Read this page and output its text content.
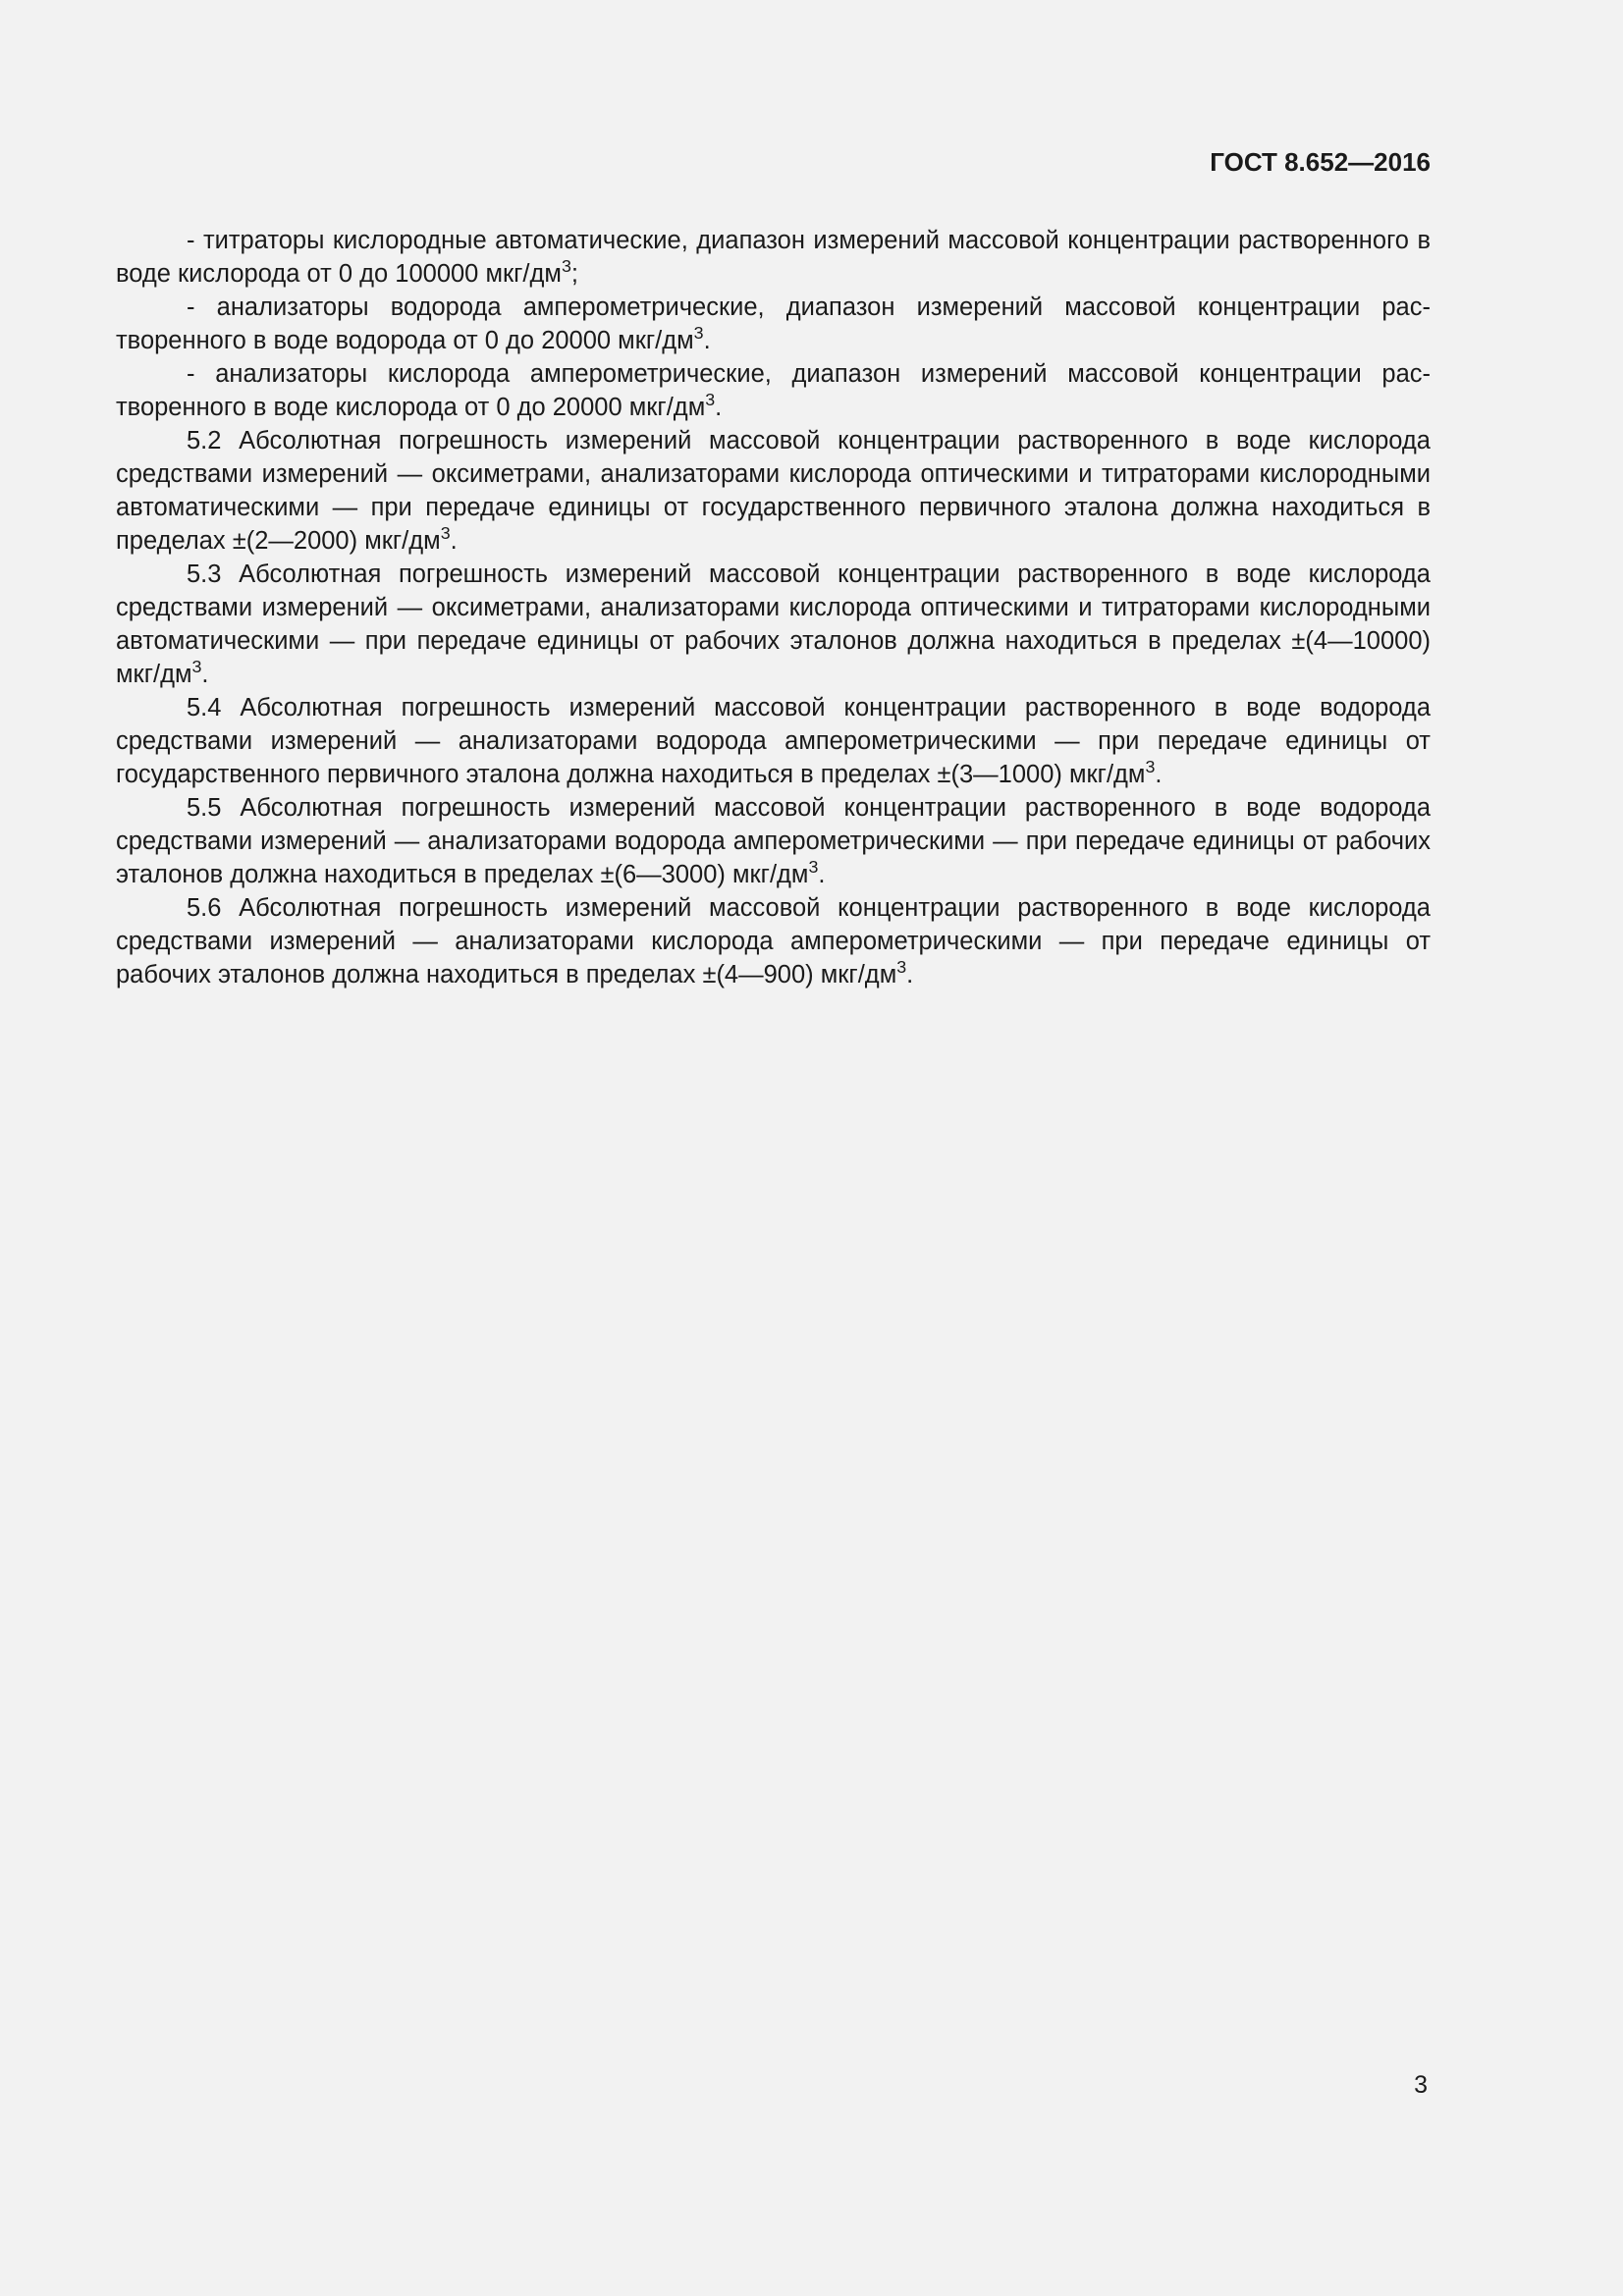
ГОСТ 8.652—2016

- титраторы кислородные автоматические, диапазон измерений массовой концентрации растворенного в воде кислорода от 0 до 100000 мкг/$дм^3$;

- анализаторы водорода амперометрические, диапазон измерений массовой концентрации растворенного в воде водорода от 0 до 20000 мкг/$дм^3$.

- анализаторы кислорода амперометрические, диапазон измерений массовой концентрации растворенного в воде кислорода от 0 до 20000 мкг/$дм^3$.

5.2 Абсолютная погрешность измерений массовой концентрации растворенного в воде кислорода средствами измерений — оксиметрами, анализаторами кислорода оптическими и титраторами кислородными автоматическими — при передаче единицы от государственного первичного эталона должна находиться в пределах ±(2—2000) мкг/$дм^3$.

5.3 Абсолютная погрешность измерений массовой концентрации растворенного в воде кислорода средствами измерений — оксиметрами, анализаторами кислорода оптическими и титраторами кислородными автоматическими — при передаче единицы от рабочих эталонов должна находиться в пределах ±(4—10000) мкг/$дм^3$.

5.4 Абсолютная погрешность измерений массовой концентрации растворенного в воде водорода средствами измерений — анализаторами водорода амперометрическими — при передаче единицы от государственного первичного эталона должна находиться в пределах ±(3—1000) мкг/$дм^3$.

5.5 Абсолютная погрешность измерений массовой концентрации растворенного в воде водорода средствами измерений — анализаторами водорода амперометрическими — при передаче единицы от рабочих эталонов должна находиться в пределах ±(6—3000) мкг/$дм^3$.

5.6 Абсолютная погрешность измерений массовой концентрации растворенного в воде кислорода средствами измерений — анализаторами кислорода амперометрическими — при передаче единицы от рабочих эталонов должна находиться в пределах ±(4—900) мкг/$дм^3$.

3
